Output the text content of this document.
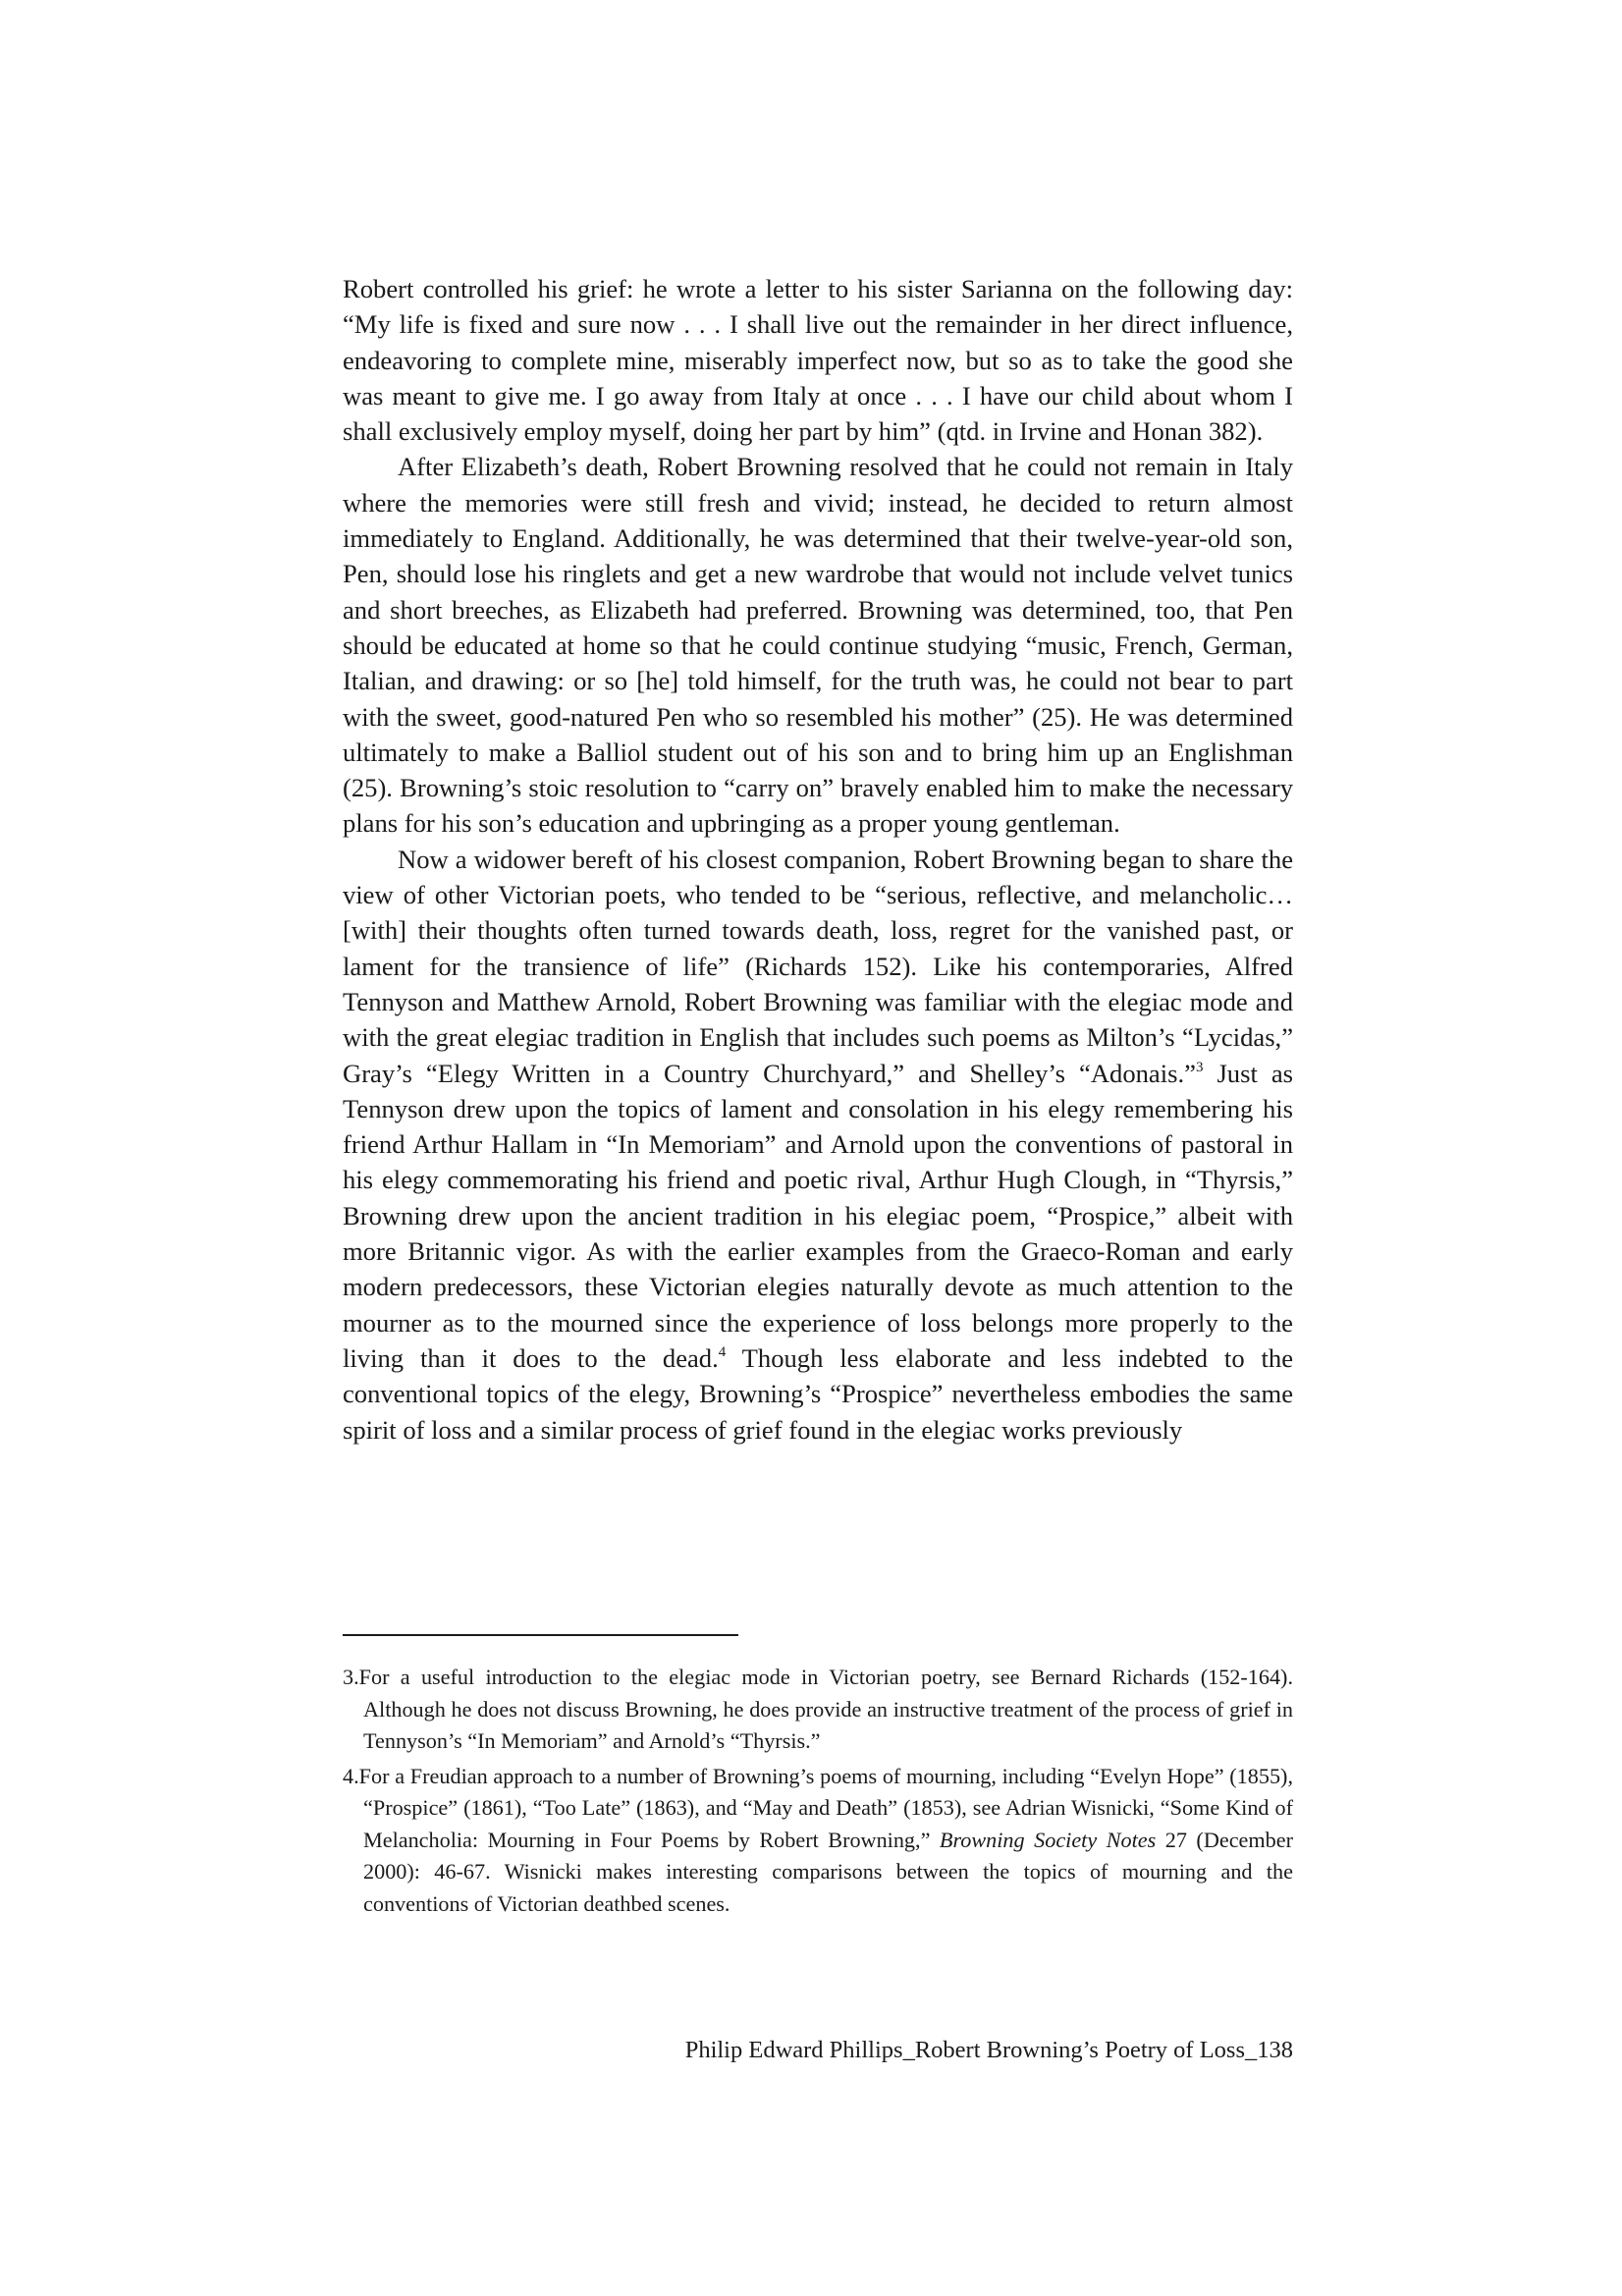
Robert controlled his grief: he wrote a letter to his sister Sarianna on the following day: “My life is fixed and sure now . . . I shall live out the remainder in her direct influence, endeavoring to complete mine, miserably imperfect now, but so as to take the good she was meant to give me. I go away from Italy at once . . . I have our child about whom I shall exclusively employ myself, doing her part by him” (qtd. in Irvine and Honan 382).

After Elizabeth’s death, Robert Browning resolved that he could not remain in Italy where the memories were still fresh and vivid; instead, he decided to return almost immediately to England. Additionally, he was determined that their twelve-year-old son, Pen, should lose his ringlets and get a new wardrobe that would not include velvet tunics and short breeches, as Elizabeth had preferred. Browning was determined, too, that Pen should be educated at home so that he could continue studying “music, French, German, Italian, and drawing: or so [he] told himself, for the truth was, he could not bear to part with the sweet, good-natured Pen who so resembled his mother” (25). He was determined ultimately to make a Balliol student out of his son and to bring him up an Englishman (25). Browning’s stoic resolution to “carry on” bravely enabled him to make the necessary plans for his son’s education and upbringing as a proper young gentleman.

Now a widower bereft of his closest companion, Robert Browning began to share the view of other Victorian poets, who tended to be “serious, reflective, and melancholic… [with] their thoughts often turned towards death, loss, regret for the vanished past, or lament for the transience of life” (Richards 152). Like his contemporaries, Alfred Tennyson and Matthew Arnold, Robert Browning was familiar with the elegiac mode and with the great elegiac tradition in English that includes such poems as Milton’s “Lycidas,” Gray’s “Elegy Written in a Country Churchyard,” and Shelley’s “Adonais.”$^3$ Just as Tennyson drew upon the topics of lament and consolation in his elegy remembering his friend Arthur Hallam in “In Memoriam” and Arnold upon the conventions of pastoral in his elegy commemorating his friend and poetic rival, Arthur Hugh Clough, in “Thyrsis,” Browning drew upon the ancient tradition in his elegiac poem, “Prospice,” albeit with more Britannic vigor. As with the earlier examples from the Graeco-Roman and early modern predecessors, these Victorian elegies naturally devote as much attention to the mourner as to the mourned since the experience of loss belongs more properly to the living than it does to the dead.$^4$ Though less elaborate and less indebted to the conventional topics of the elegy, Browning’s “Prospice” nevertheless embodies the same spirit of loss and a similar process of grief found in the elegiac works previously

3.For a useful introduction to the elegiac mode in Victorian poetry, see Bernard Richards (152-164). Although he does not discuss Browning, he does provide an instructive treatment of the process of grief in Tennyson’s “In Memoriam” and Arnold’s “Thyrsis.”

4.For a Freudian approach to a number of Browning’s poems of mourning, including “Evelyn Hope” (1855), “Prospice” (1861), “Too Late” (1863), and “May and Death” (1853), see Adrian Wisnicki, “Some Kind of Melancholia: Mourning in Four Poems by Robert Browning,” Browning Society Notes 27 (December 2000): 46-67. Wisnicki makes interesting comparisons between the topics of mourning and the conventions of Victorian deathbed scenes.

Philip Edward Phillips_Robert Browning’s Poetry of Loss_138
